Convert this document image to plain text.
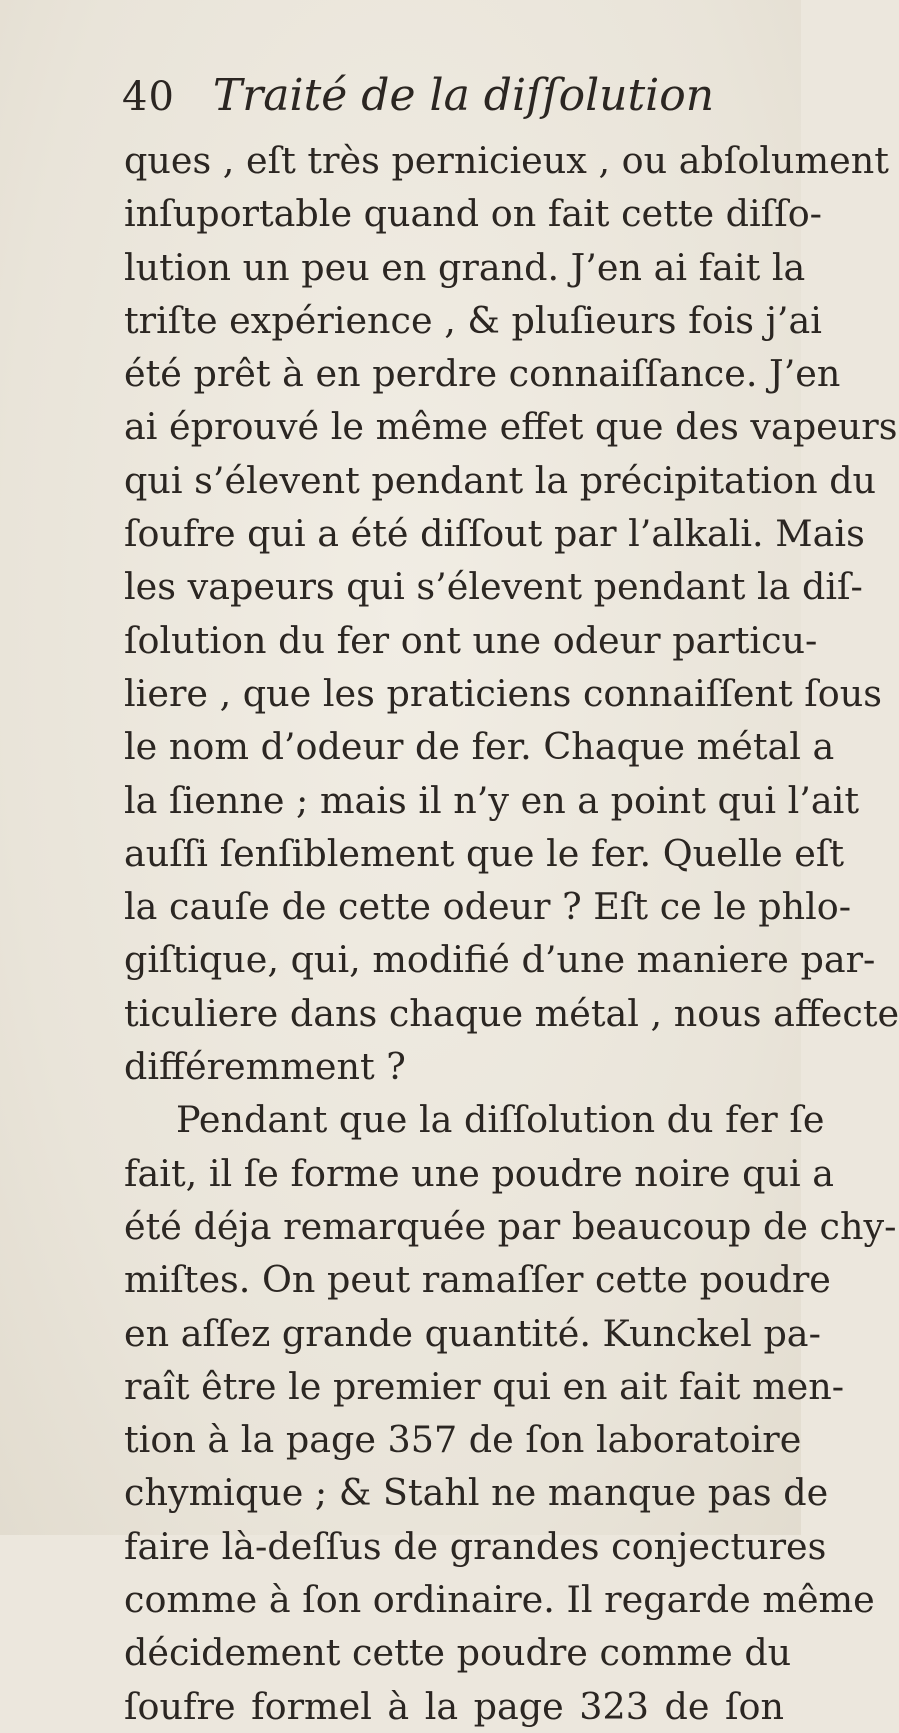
40 Traité de la diſſolution
ques , eſt très pernicieux , ou abſolument
inſuportable quand on fait cette diſſo-
lution un peu en grand. J’en ai fait la
triſte expérience , & pluſieurs fois j’ai
été prêt à en perdre connaiſſance. J’en
ai éprouvé le même effet que des vapeurs
qui s’élevent pendant la précipitation du
ſoufre qui a été diſſout par l’alkali. Mais
les vapeurs qui s’élevent pendant la diſ-
ſolution du fer ont une odeur particu-
liere , que les praticiens connaiſſent ſous
le nom d’odeur de fer. Chaque métal a
la ſienne ; mais il n’y en a point qui l’ait
auſſi ſenſiblement que le fer. Quelle eſt
la cauſe de cette odeur ? Eſt ce le phlo-
giſtique, qui, modifié d’une maniere par-
ticuliere dans chaque métal , nous affecte
différemment ?
Pendant que la diſſolution du fer ſe
fait, il ſe forme une poudre noire qui a
été déja remarquée par beaucoup de chy-
miſtes. On peut ramaſſer cette poudre
en aſſez grande quantité. Kunckel pa-
raît être le premier qui en ait fait men-
tion à la page 357 de ſon laboratoire
chymique ; & Stahl ne manque pas de
faire là-deſſus de grandes conjectures
comme à ſon ordinaire. Il regarde même
décidement cette poudre comme du
ſoufre formel à la page 323 de ſon
